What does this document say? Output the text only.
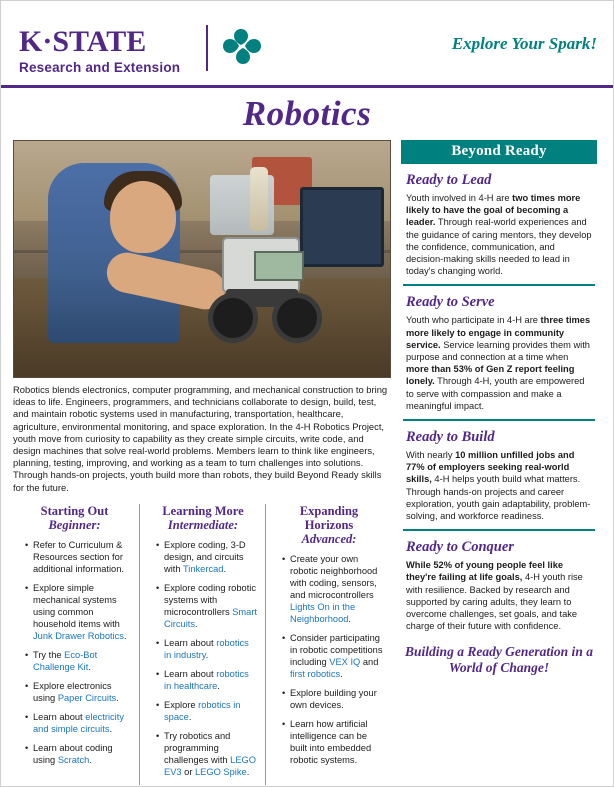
K·STATE
Research and Extension
Explore Your Spark!
Robotics
Robotics blends electronics, computer programming, and mechanical construction to bring ideas to life. Engineers, programmers, and technicians collaborate to design, build, test, and maintain robotic systems used in manufacturing, transportation, healthcare, agriculture, environmental monitoring, and space exploration. In the 4-H Robotics Project, youth move from curiosity to capability as they create simple circuits, write code, and design machines that solve real-world problems. Members learn to think like engineers, planning, testing, improving, and working as a team to turn challenges into solutions. Through hands-on projects, youth build more than robots, they build Beyond Ready skills for the future.
Starting Out
Beginner:
• Refer to Curriculum & Resources section for additional information.
• Explore simple mechanical systems using common household items with Junk Drawer Robotics.
• Try the Eco-Bot Challenge Kit.
• Explore electronics using Paper Circuits.
• Learn about electricity and simple circuits.
• Learn about coding using Scratch.
Learning More
Intermediate:
• Explore coding, 3-D design, and circuits with Tinkercad.
• Explore coding robotic systems with microcontrollers Smart Circuits.
• Learn about robotics in industry.
• Learn about robotics in healthcare.
• Explore robotics in space.
• Try robotics and programming challenges with LEGO EV3 or LEGO Spike.
Expanding Horizons
Advanced:
• Create your own robotic neighborhood with coding, sensors, and microcontrollers Lights On in the Neighborhood.
• Consider participating in robotic competitions including VEX IQ and first robotics.
• Explore building your own devices.
• Learn how artificial intelligence can be built into embedded robotic systems.
Beyond Ready
Ready to Lead

Youth involved in 4-H are two times more likely to have the goal of becoming a leader. Through real-world experiences and the guidance of caring mentors, they develop the confidence, communication, and decision-making skills needed to lead in today's changing world.

Ready to Serve

Youth who participate in 4-H are three times more likely to engage in community service. Service learning provides them with purpose and connection at a time when more than 53% of Gen Z report feeling lonely. Through 4-H, youth are empowered to serve with compassion and make a meaningful impact.

Ready to Build

With nearly 10 million unfilled jobs and 77% of employers seeking real-world skills, 4-H helps youth build what matters. Through hands-on projects and career exploration, youth gain adaptability, problem-solving, and workforce readiness.

Ready to Conquer

While 52% of young people feel like they're failing at life goals, 4-H youth rise with resilience. Backed by research and supported by caring adults, they learn to overcome challenges, set goals, and take charge of their future with confidence.

Building a Ready Generation in a World of Change!
